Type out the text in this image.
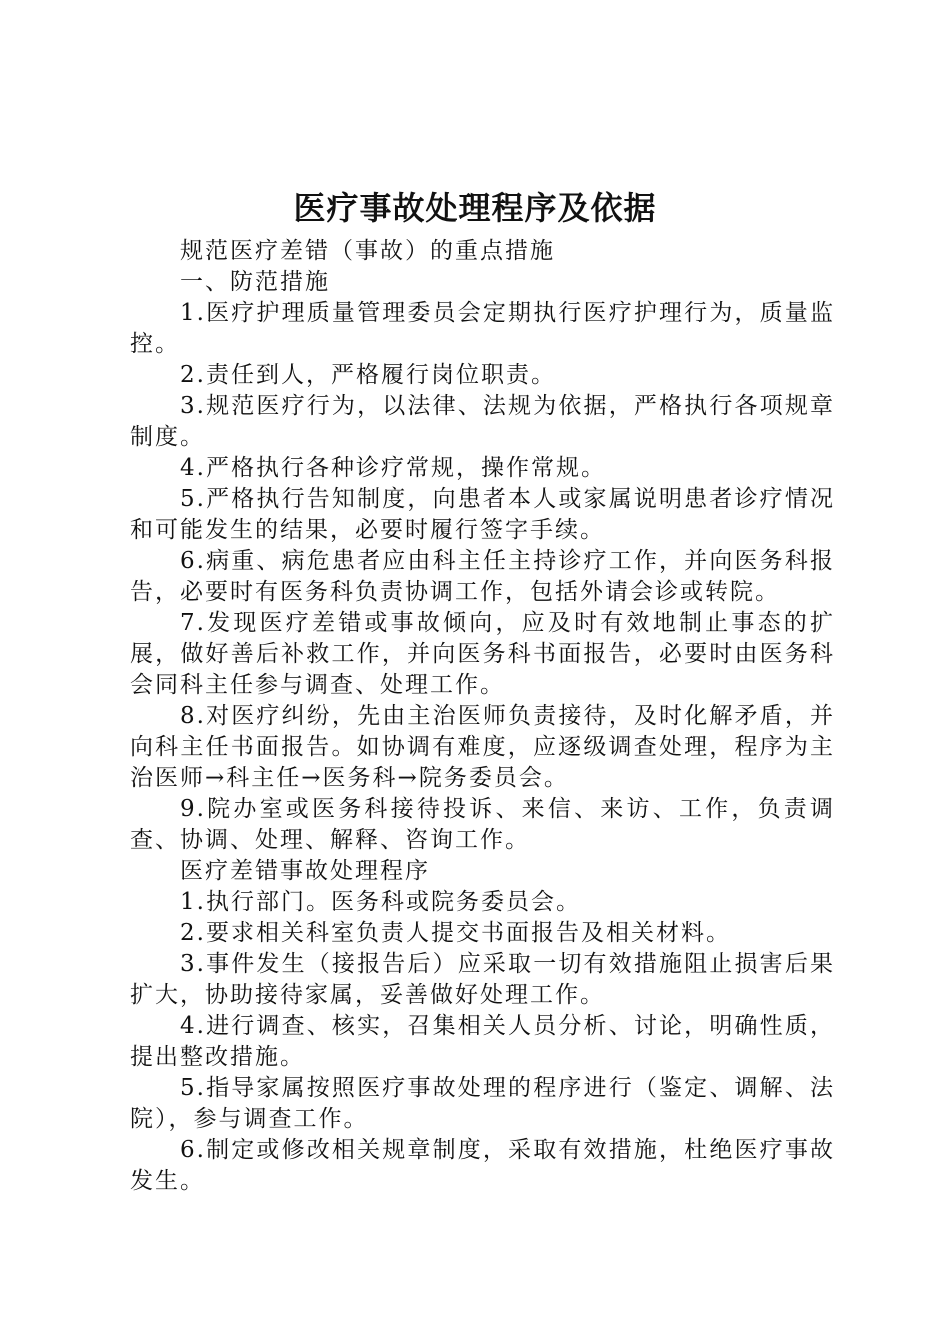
医疗事故处理程序及依据

规范医疗差错（事故）的重点措施

一、防范措施

1.医疗护理质量管理委员会定期执行医疗护理行为，质量监控。

2.责任到人，严格履行岗位职责。

3.规范医疗行为，以法律、法规为依据，严格执行各项规章制度。

4.严格执行各种诊疗常规，操作常规。

5.严格执行告知制度，向患者本人或家属说明患者诊疗情况和可能发生的结果，必要时履行签字手续。

6.病重、病危患者应由科主任主持诊疗工作，并向医务科报告，必要时有医务科负责协调工作，包括外请会诊或转院。

7.发现医疗差错或事故倾向，应及时有效地制止事态的扩展，做好善后补救工作，并向医务科书面报告，必要时由医务科会同科主任参与调查、处理工作。

8.对医疗纠纷，先由主治医师负责接待，及时化解矛盾，并向科主任书面报告。如协调有难度，应逐级调查处理，程序为主治医师→科主任→医务科→院务委员会。

9.院办室或医务科接待投诉、来信、来访、工作，负责调查、协调、处理、解释、咨询工作。

医疗差错事故处理程序

1.执行部门。医务科或院务委员会。

2.要求相关科室负责人提交书面报告及相关材料。

3.事件发生（接报告后）应采取一切有效措施阻止损害后果扩大，协助接待家属，妥善做好处理工作。

4.进行调查、核实，召集相关人员分析、讨论，明确性质，提出整改措施。

5.指导家属按照医疗事故处理的程序进行（鉴定、调解、法院），参与调查工作。

6.制定或修改相关规章制度，采取有效措施，杜绝医疗事故发生。
